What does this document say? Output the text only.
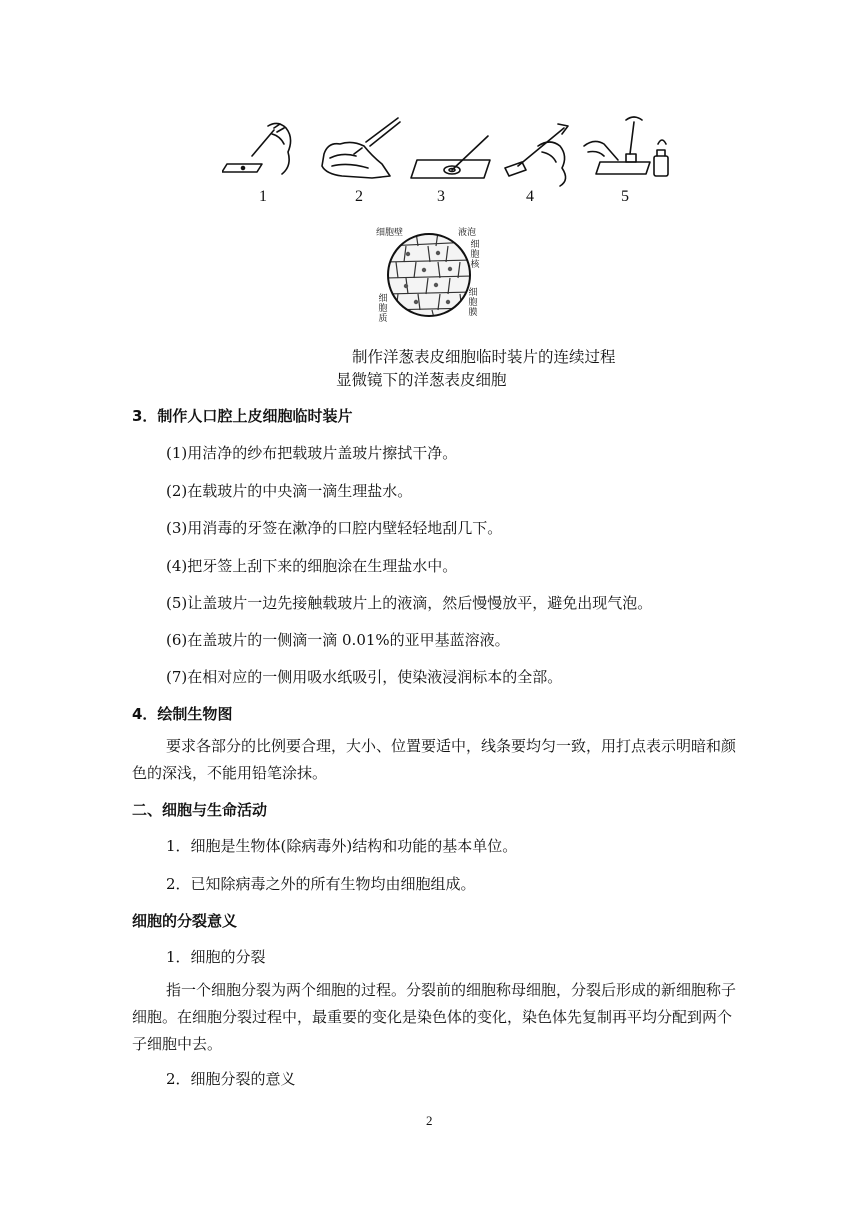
1	2	3	4	5
细胞壁	液泡
细胞核
细胞质
细胞膜
制作洋葱表皮细胞临时装片的连续过程
显微镜下的洋葱表皮细胞
3．制作人口腔上皮细胞临时装片
(1)用洁净的纱布把载玻片盖玻片擦拭干净。
(2)在载玻片的中央滴一滴生理盐水。
(3)用消毒的牙签在漱净的口腔内壁轻轻地刮几下。
(4)把牙签上刮下来的细胞涂在生理盐水中。
(5)让盖玻片一边先接触载玻片上的液滴，然后慢慢放平，避免出现气泡。
(6)在盖玻片的一侧滴一滴 0.01%的亚甲基蓝溶液。
(7)在相对应的一侧用吸水纸吸引，使染液浸润标本的全部。
4．绘制生物图
要求各部分的比例要合理，大小、位置要适中，线条要均匀一致，用打点表示明暗和颜色的深浅，不能用铅笔涂抹。
二、细胞与生命活动
1．细胞是生物体(除病毒外)结构和功能的基本单位。
2．已知除病毒之外的所有生物均由细胞组成。
细胞的分裂意义
1．细胞的分裂
指一个细胞分裂为两个细胞的过程。分裂前的细胞称母细胞，分裂后形成的新细胞称子细胞。在细胞分裂过程中，最重要的变化是染色体的变化，染色体先复制再平均分配到两个子细胞中去。
2．细胞分裂的意义
2
